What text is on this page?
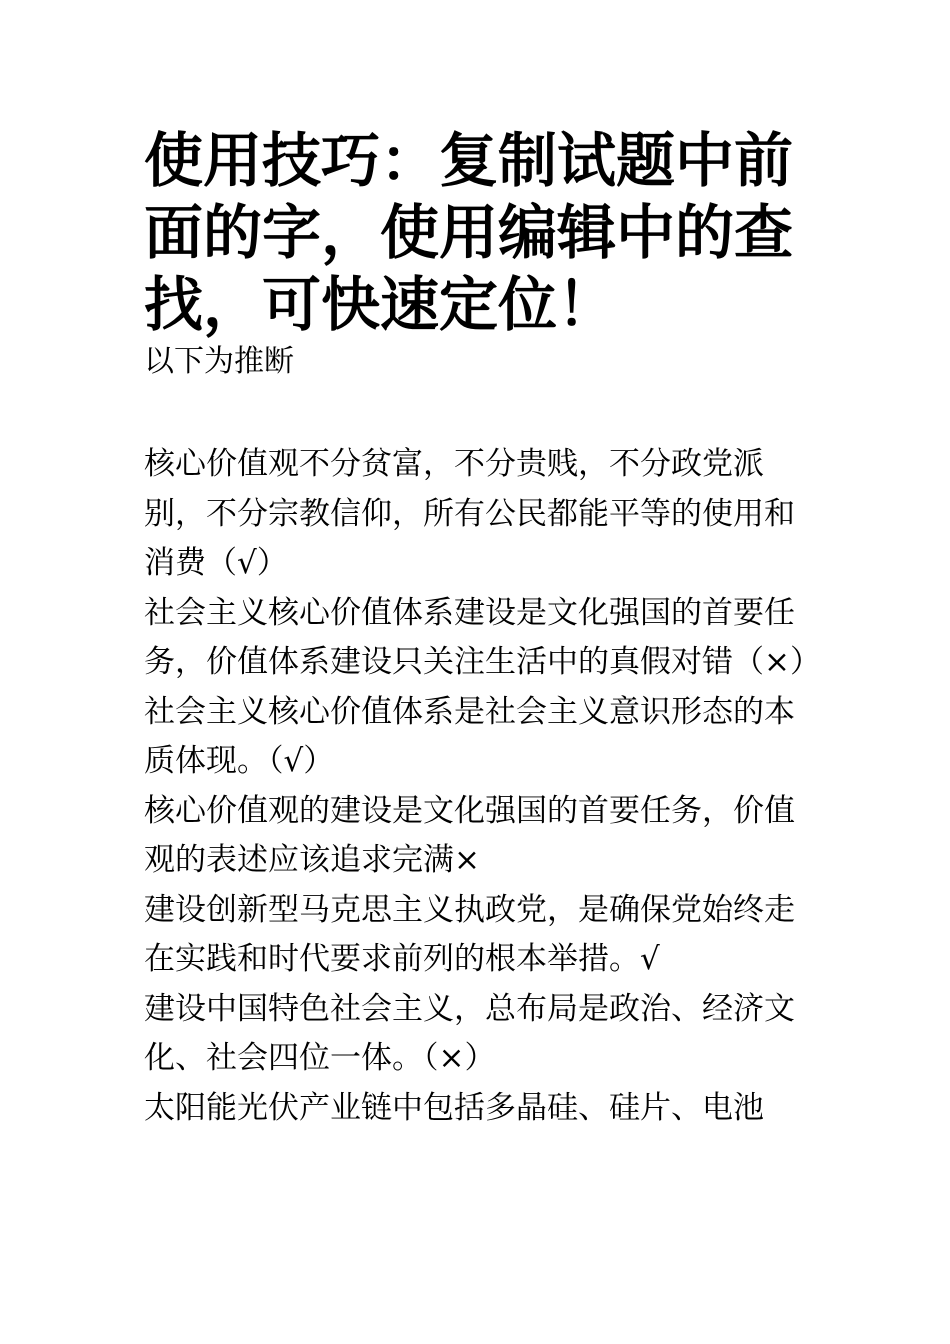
使用技巧：复制试题中前面的字，使用编辑中的查找，可快速定位！

以下为推断

核心价值观不分贫富，不分贵贱，不分政党派别，不分宗教信仰，所有公民都能平等的使用和消费（√）

社会主义核心价值体系建设是文化强国的首要任务，价值体系建设只关注生活中的真假对错（×）

社会主义核心价值体系是社会主义意识形态的本质体现。（√）

核心价值观的建设是文化强国的首要任务，价值观的表述应该追求完满×

建设创新型马克思主义执政党，是确保党始终走在实践和时代要求前列的根本举措。√

建设中国特色社会主义，总布局是政治、经济文化、社会四位一体。（×）

太阳能光伏产业链中包括多晶硅、硅片、电池
